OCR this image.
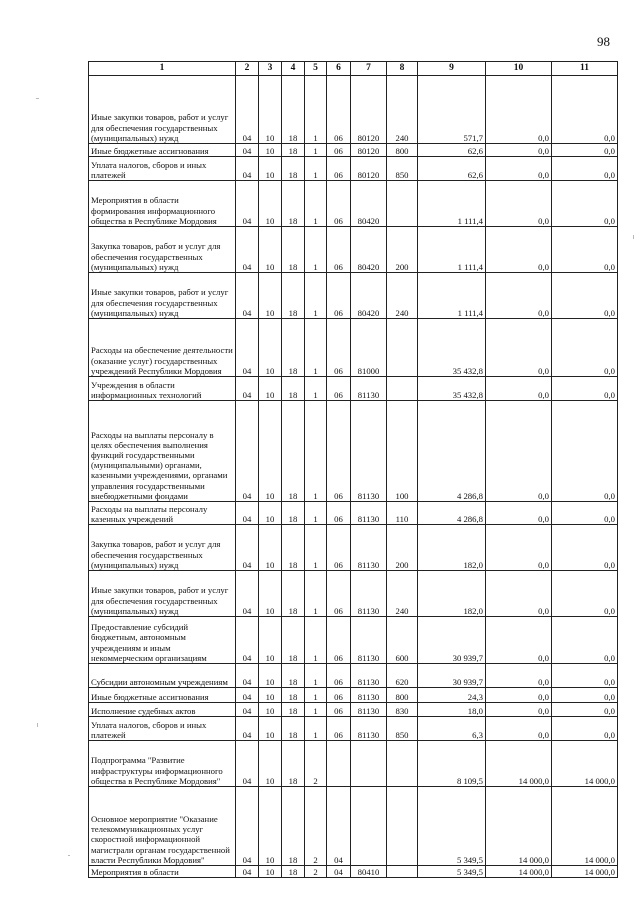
98
1	2	3	4	5	6	7	8	9	10	11
Иные закупки товаров, работ и услуг для обеспечения государственных (муниципальных) нужд	04	10	18	1	06	80120	240	571,7	0,0	0,0
Иные бюджетные ассигнования	04	10	18	1	06	80120	800	62,6	0,0	0,0
Уплата налогов, сборов и иных платежей	04	10	18	1	06	80120	850	62,6	0,0	0,0
Мероприятия в области формирования информационного общества в Республике Мордовия	04	10	18	1	06	80420		1 111,4	0,0	0,0
Закупка товаров, работ и услуг для обеспечения государственных (муниципальных) нужд	04	10	18	1	06	80420	200	1 111,4	0,0	0,0
Иные закупки товаров, работ и услуг для обеспечения государственных (муниципальных) нужд	04	10	18	1	06	80420	240	1 111,4	0,0	0,0
Расходы на обеспечение деятельности (оказание услуг) государственных учреждений Республики Мордовия	04	10	18	1	06	81000		35 432,8	0,0	0,0
Учреждения в области информационных технологий	04	10	18	1	06	81130		35 432,8	0,0	0,0
Расходы на выплаты персоналу в целях обеспечения выполнения функций государственными (муниципальными) органами, казенными учреждениями, органами управления государственными внебюджетными фондами	04	10	18	1	06	81130	100	4 286,8	0,0	0,0
Расходы на выплаты персоналу казенных учреждений	04	10	18	1	06	81130	110	4 286,8	0,0	0,0
Закупка товаров, работ и услуг для обеспечения государственных (муниципальных) нужд	04	10	18	1	06	81130	200	182,0	0,0	0,0
Иные закупки товаров, работ и услуг для обеспечения государственных (муниципальных) нужд	04	10	18	1	06	81130	240	182,0	0,0	0,0
Предоставление субсидий бюджетным, автономным учреждениям и иным некоммерческим организациям	04	10	18	1	06	81130	600	30 939,7	0,0	0,0
Субсидии автономным учреждениям	04	10	18	1	06	81130	620	30 939,7	0,0	0,0
Иные бюджетные ассигнования	04	10	18	1	06	81130	800	24,3	0,0	0,0
Исполнение судебных актов	04	10	18	1	06	81130	830	18,0	0,0	0,0
Уплата налогов, сборов и иных платежей	04	10	18	1	06	81130	850	6,3	0,0	0,0
Подпрограмма "Развитие инфраструктуры информационного общества в Республике Мордовия"	04	10	18	2				8 109,5	14 000,0	14 000,0
Основное мероприятие "Оказание телекоммуникационных услуг скоростной информационной магистрали органам государственной власти Республики Мордовия"	04	10	18	2	04			5 349,5	14 000,0	14 000,0
Мероприятия в области	04	10	18	2	04	80410		5 349,5	14 000,0	14 000,0
